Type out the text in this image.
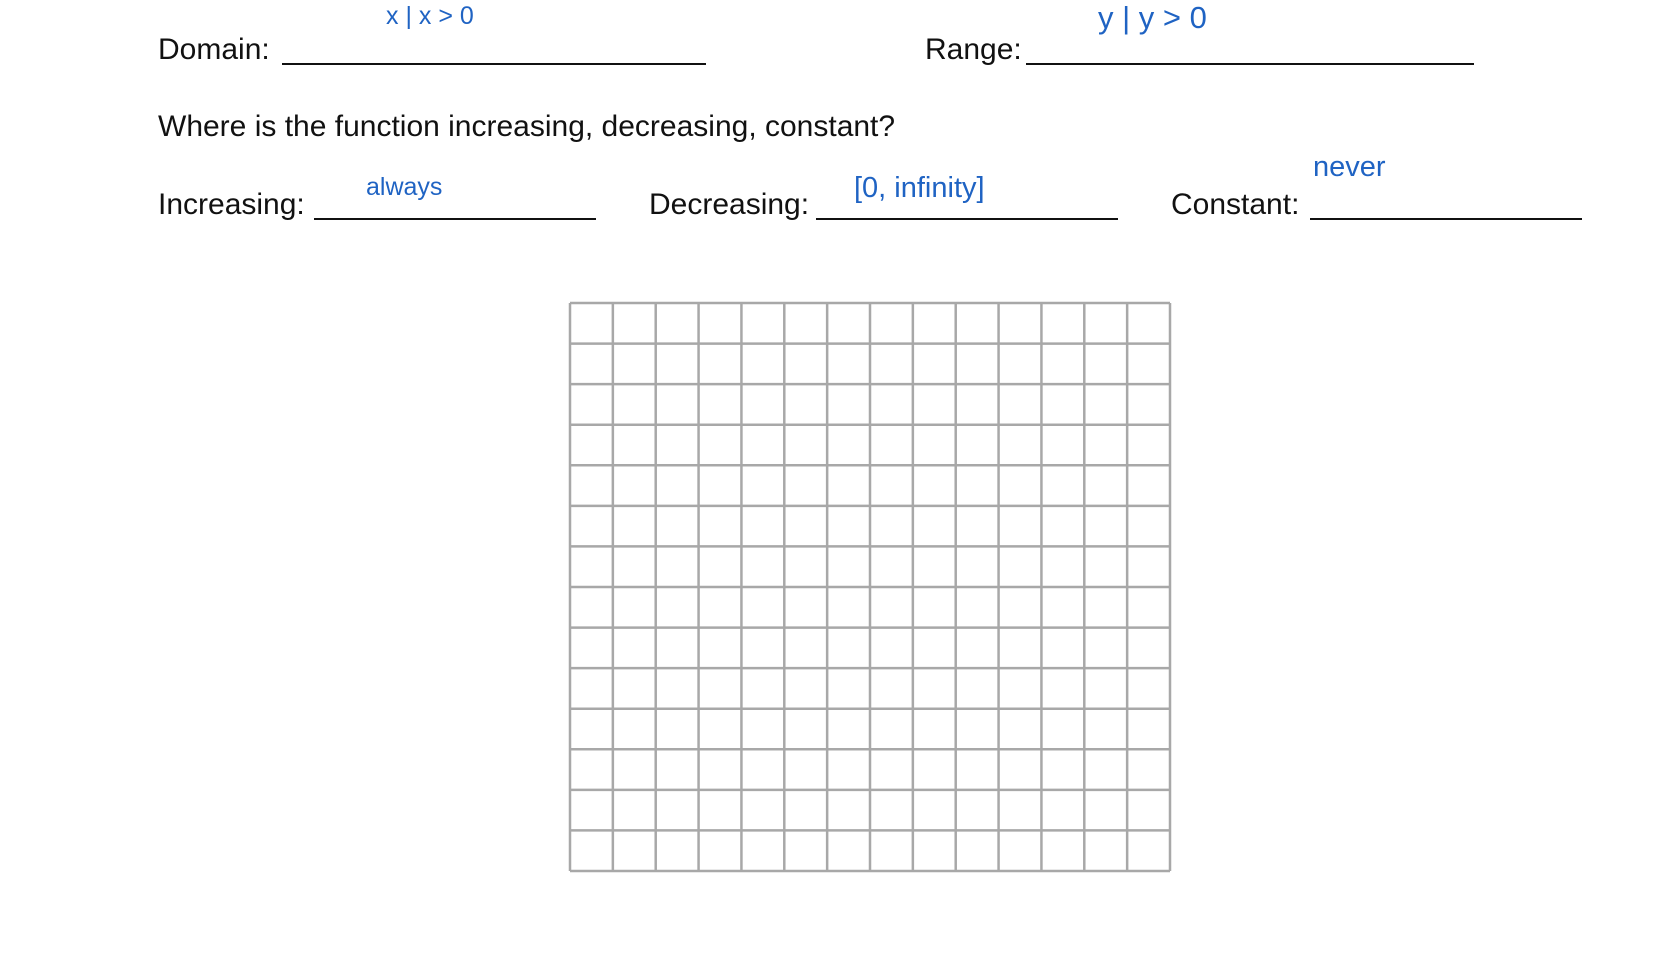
Domain:
x | x > 0
Range:
y | y > 0
Where is the function increasing, decreasing, constant?
Increasing:
always
Decreasing: [0, infinity]	Constant:
never
